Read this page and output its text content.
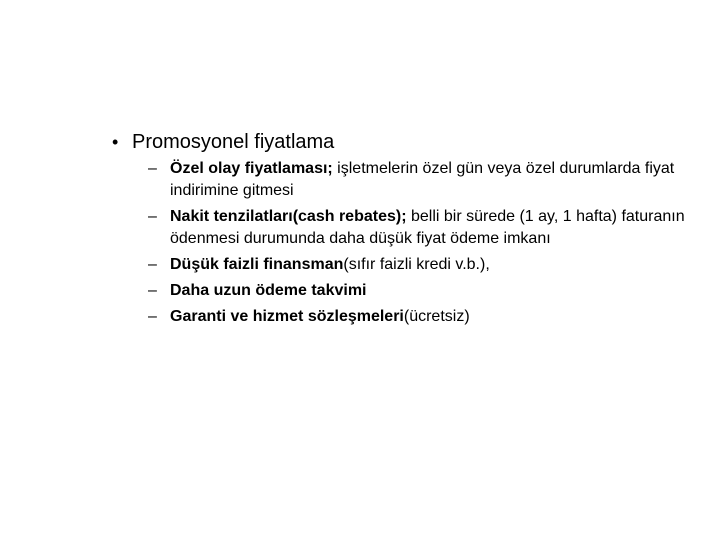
• Promosyonel fiyatlama
– Özel olay fiyatlaması; işletmelerin özel gün veya özel durumlarda fiyat indirimine gitmesi
– Nakit tenzilatları(cash rebates); belli bir sürede (1 ay, 1 hafta) faturanın ödenmesi durumunda daha düşük fiyat ödeme imkanı
– Düşük faizli finansman(sıfır faizli kredi v.b.),
– Daha uzun ödeme takvimi
– Garanti ve hizmet sözleşmeleri(ücretsiz)
